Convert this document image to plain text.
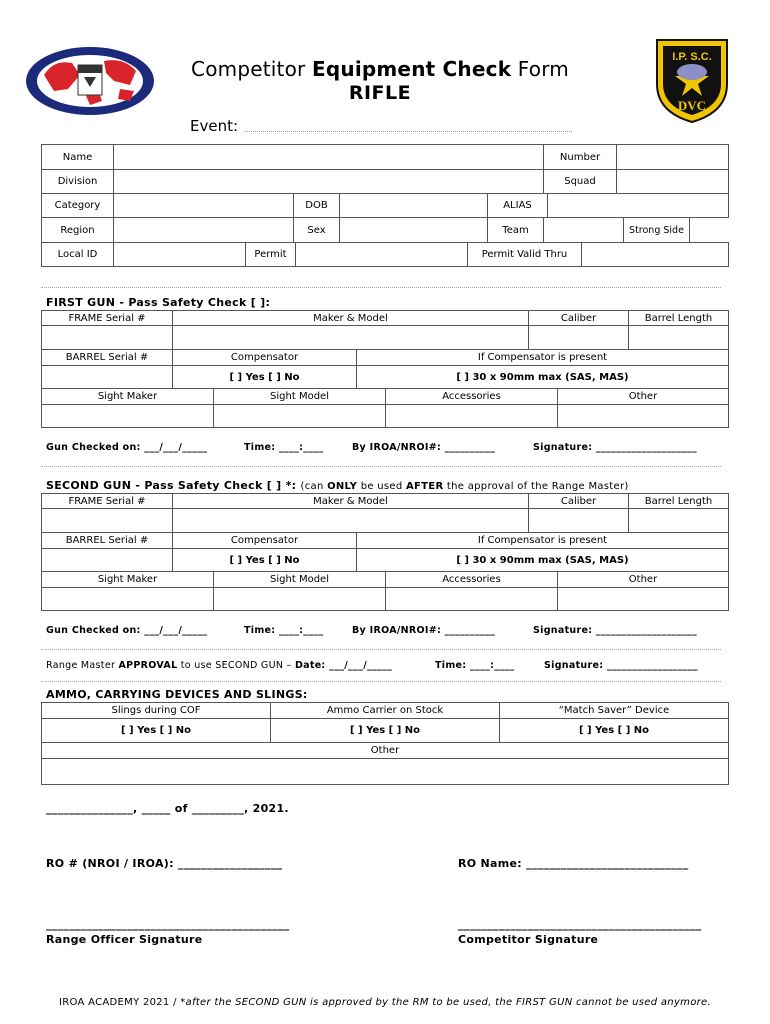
I.P. S.C.
DVC
Competitor Equipment Check Form
RIFLE
Event:
Name		Number	
Division		Squad	
Category		DOB		ALIAS	
Region		Sex		Team		Strong Side	
Local ID		Permit		Permit Valid Thru	
FIRST GUN - Pass Safety Check [ ]:
FRAME Serial #	Maker & Model	Caliber	Barrel Length

BARREL Serial #	Compensator	If Compensator is present
	[ ] Yes [ ] No	[ ] 30 x 90mm max (SAS, MAS)
Sight Maker	Sight Model	Accessories	Other

Gun Checked on: ___/___/_____	Time: ____:____	By IROA/NROI#: __________	Signature: ____________________
SECOND GUN - Pass Safety Check [ ] *: (can ONLY be used AFTER the approval of the Range Master)
FRAME Serial #	Maker & Model	Caliber	Barrel Length

BARREL Serial #	Compensator	If Compensator is present
	[ ] Yes [ ] No	[ ] 30 x 90mm max (SAS, MAS)
Sight Maker	Sight Model	Accessories	Other

Gun Checked on: ___/___/_____	Time: ____:____	By IROA/NROI#: __________	Signature: ____________________
Range Master APPROVAL to use SECOND GUN – Date: ___/___/_____	Time: ____:____	Signature: __________________
AMMO, CARRYING DEVICES AND SLINGS:
Slings during COF	Ammo Carrier on Stock	“Match Saver” Device
[ ] Yes [ ] No	[ ] Yes [ ] No	[ ] Yes [ ] No
Other

_______________, _____ of _________, 2021.
RO # (NROI / IROA): __________________	RO Name: ____________________________
__________________________________________	__________________________________________
Range Officer Signature	Competitor Signature
IROA ACADEMY 2021 / *after the SECOND GUN is approved by the RM to be used, the FIRST GUN cannot be used anymore.
